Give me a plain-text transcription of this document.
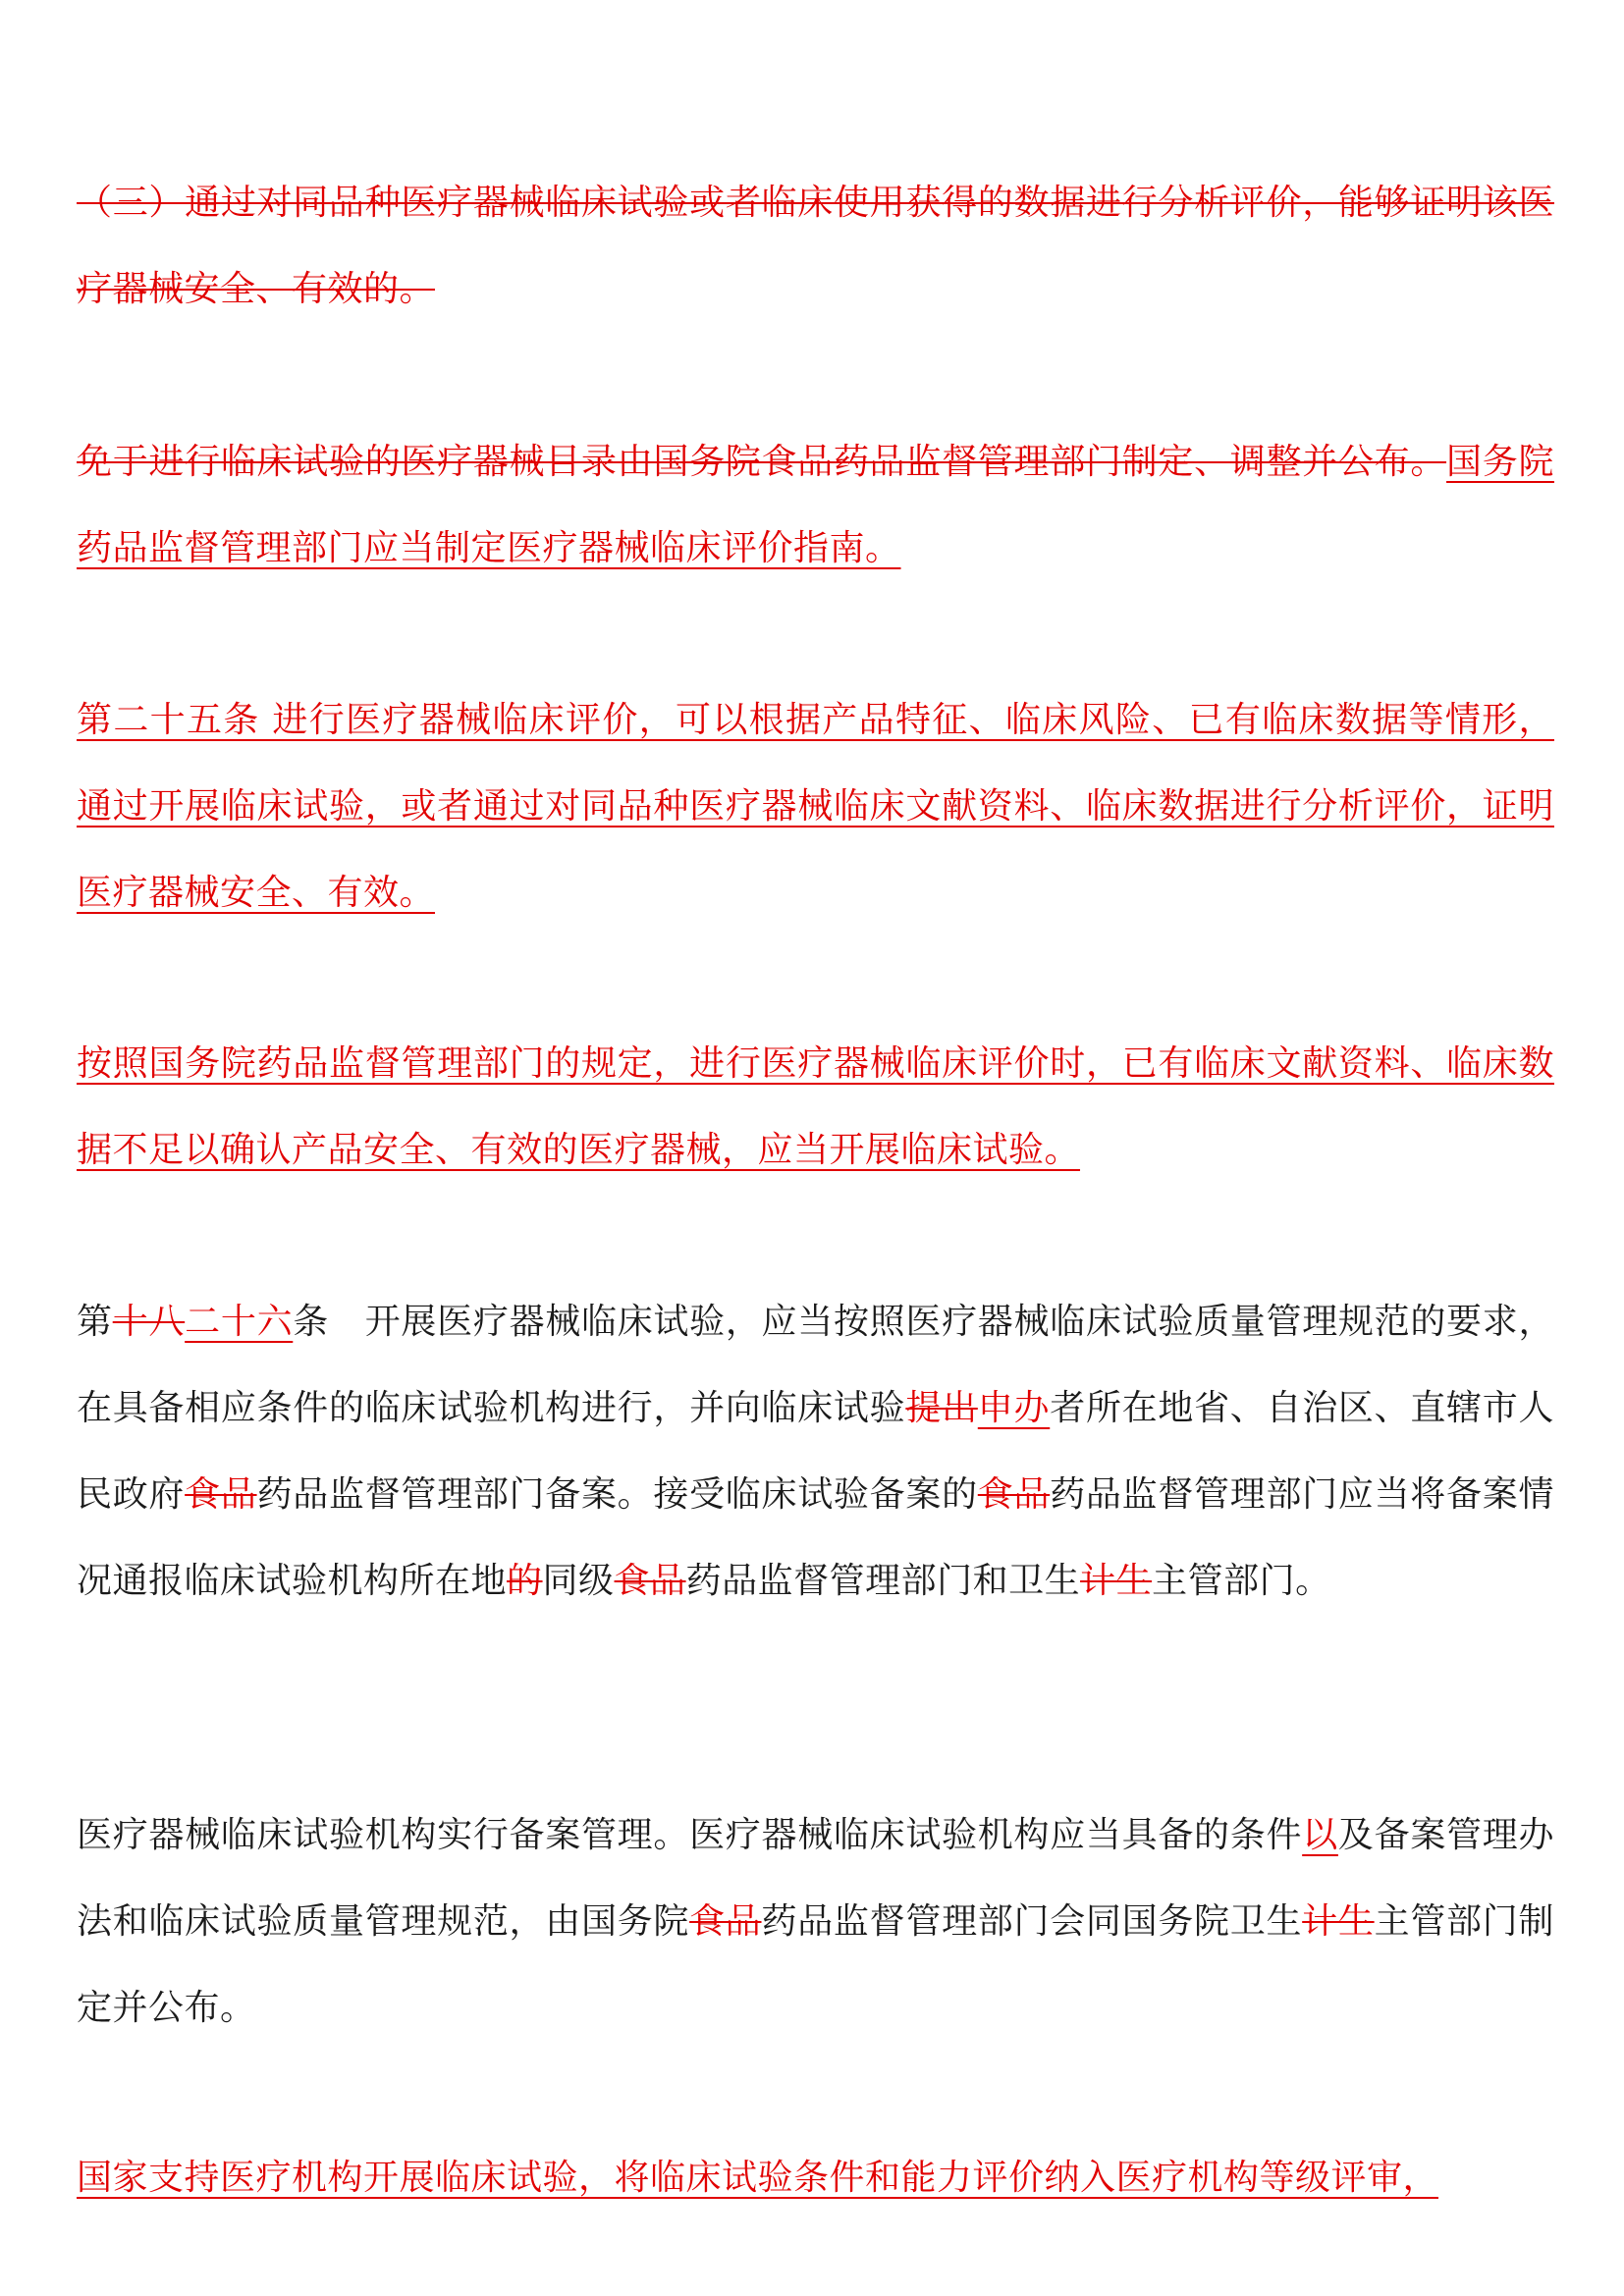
（三）通过对同品种医疗器械临床试验或者临床使用获得的数据进行分析评价，能够证明该医疗器械安全、有效的。

免于进行临床试验的医疗器械目录由国务院食品药品监督管理部门制定、调整并公布。国务院药品监督管理部门应当制定医疗器械临床评价指南。

第二十五条 进行医疗器械临床评价，可以根据产品特征、临床风险、已有临床数据等情形，通过开展临床试验，或者通过对同品种医疗器械临床文献资料、临床数据进行分析评价，证明医疗器械安全、有效。

按照国务院药品监督管理部门的规定，进行医疗器械临床评价时，已有临床文献资料、临床数据不足以确认产品安全、有效的医疗器械，应当开展临床试验。

第十八二十六条　开展医疗器械临床试验，应当按照医疗器械临床试验质量管理规范的要求，在具备相应条件的临床试验机构进行，并向临床试验提出申办者所在地省、自治区、直辖市人民政府食品药品监督管理部门备案。接受临床试验备案的食品药品监督管理部门应当将备案情况通报临床试验机构所在地的同级食品药品监督管理部门和卫生计生主管部门。

医疗器械临床试验机构实行备案管理。医疗器械临床试验机构应当具备的条件以及备案管理办法和临床试验质量管理规范，由国务院食品药品监督管理部门会同国务院卫生计生主管部门制定并公布。

国家支持医疗机构开展临床试验，将临床试验条件和能力评价纳入医疗机构等级评审，
